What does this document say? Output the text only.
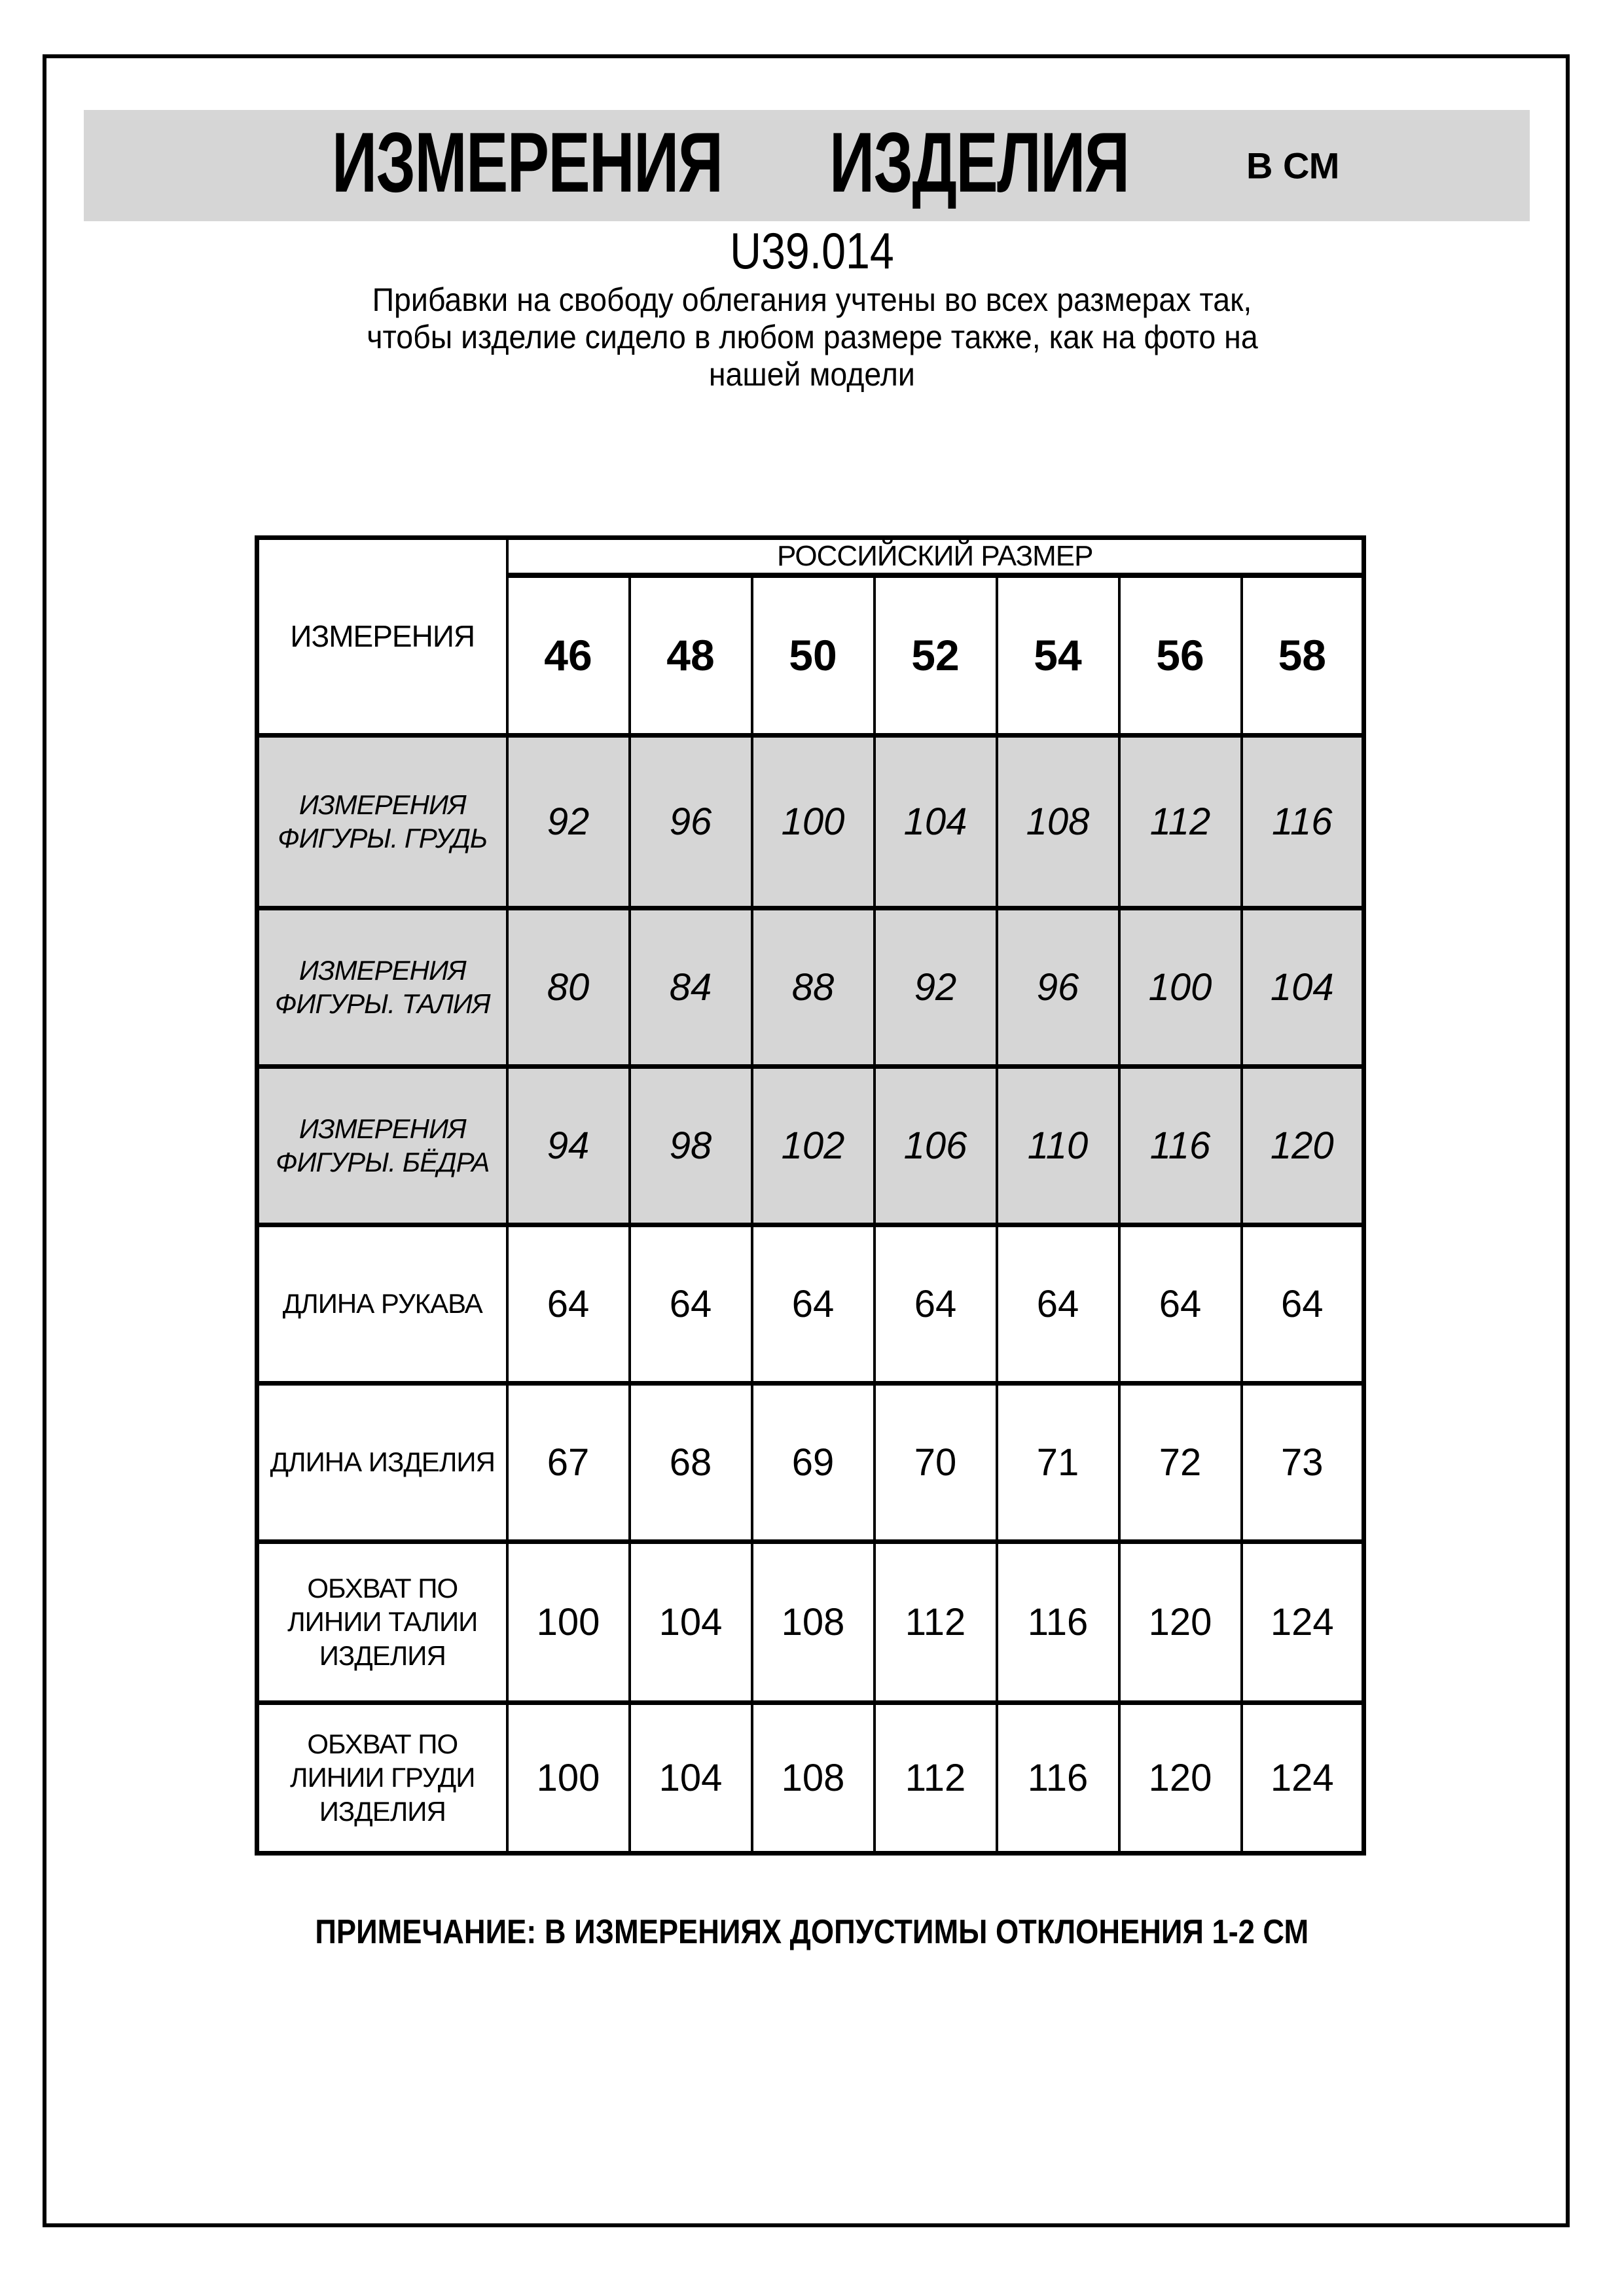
ИЗМЕРЕНИЯ ИЗДЕЛИЯ	В СМ
U39.014
Прибавки на свободу облегания учтены во всех размерах так,
чтобы изделие сидело в любом размере также, как на фото на
нашей модели
ИЗМЕРЕНИЯ	РОССИЙСКИЙ РАЗМЕР						
	46	48	50	52	54	56	58
ИЗМЕРЕНИЯ ФИГУРЫ. ГРУДЬ	92	96	100	104	108	112	116
ИЗМЕРЕНИЯ ФИГУРЫ. ТАЛИЯ	80	84	88	92	96	100	104
ИЗМЕРЕНИЯ ФИГУРЫ. БЁДРА	94	98	102	106	110	116	120
ДЛИНА РУКАВА	64	64	64	64	64	64	64
ДЛИНА ИЗДЕЛИЯ	67	68	69	70	71	72	73
ОБХВАТ ПО ЛИНИИ ТАЛИИ ИЗДЕЛИЯ	100	104	108	112	116	120	124
ОБХВАТ ПО ЛИНИИ ГРУДИ ИЗДЕЛИЯ	100	104	108	112	116	120	124
ПРИМЕЧАНИЕ: В ИЗМЕРЕНИЯХ ДОПУСТИМЫ ОТКЛОНЕНИЯ 1-2 СМ
